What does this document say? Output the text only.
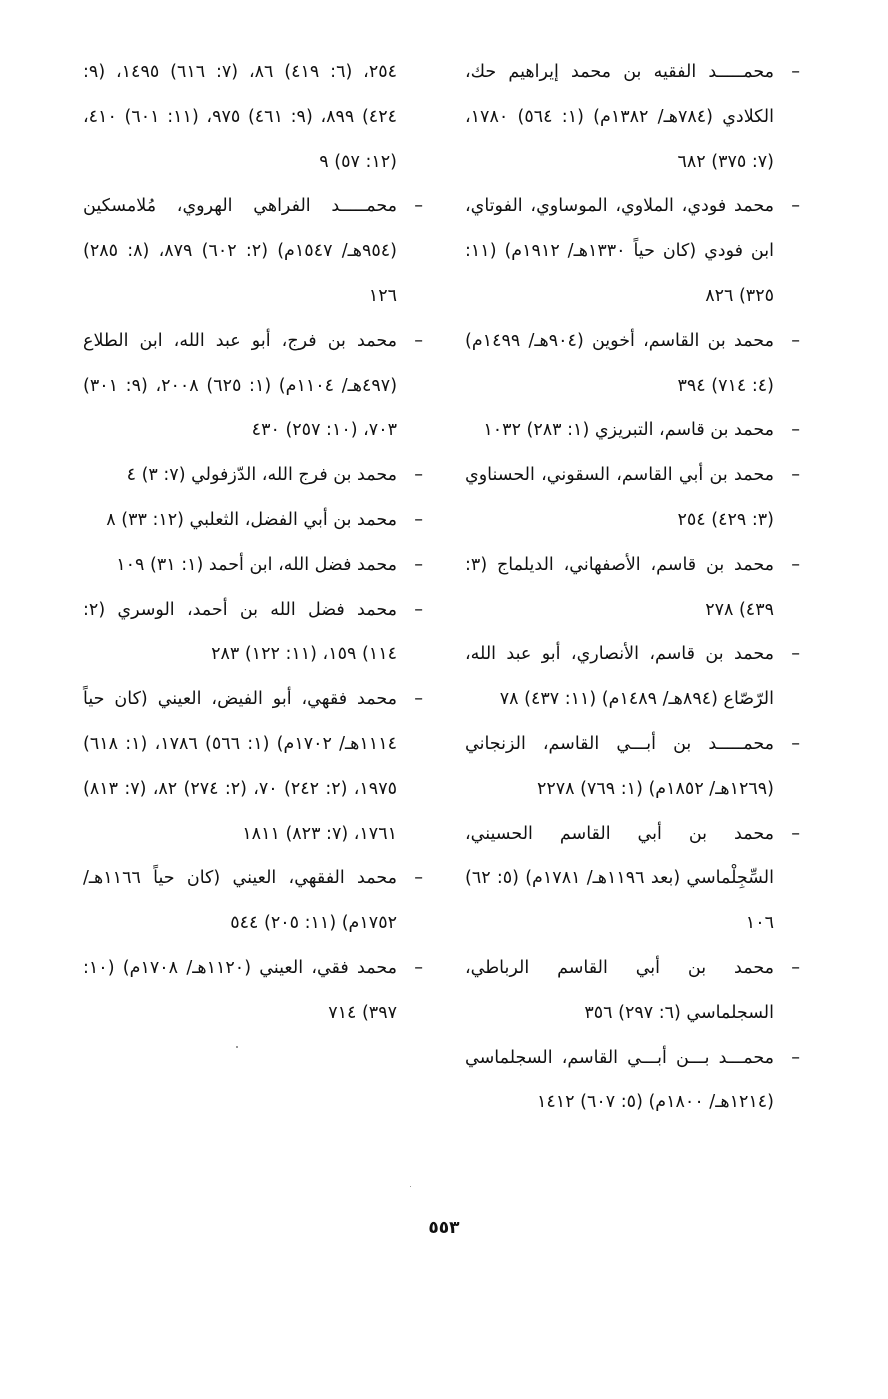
–
محمـــــد الفقيه بن محمد إيراهيم حك، الكلادي (٧٨٤هـ/ ١٣٨٢م) (١: ٥٦٤) ١٧٨٠، (٧: ٣٧٥) ٦٨٢

–
محمد فودي، الملاوي، الموساوي، الفوتاي، ابن فودي (كان حياً ١٣٣٠هـ/ ١٩١٢م) (١١: ٣٢٥) ٨٢٦

–
محمد بن القاسم، أخوين (٩٠٤هـ/ ١٤٩٩م) (٤: ٧١٤) ٣٩٤

–
محمد بن قاسم، التبريزي (١: ٢٨٣) ١٠٣٢

–
محمد بن أبي القاسم، السقوني، الحسناوي (٣: ٤٢٩) ٢٥٤

–
محمد بن قاسم، الأصفهاني، الديلماج (٣: ٤٣٩) ٢٧٨

–
محمد بن قاسم، الأنصاري، أبو عبد الله، الرّصّاع (٨٩٤هـ/ ١٤٨٩م) (١١: ٤٣٧) ٧٨

–
محمـــــد بن أبـــي القاسم، الزنجاني (١٢٦٩هـ/ ١٨٥٢م) (١: ٧٦٩) ٢٢٧٨

–
محمد بن أبي القاسم الحسيني، السِّجِلْماسي (بعد ١١٩٦هـ/ ١٧٨١م) (٥: ٦٢) ١٠٦

–
محمد بن أبي القاسم الرباطي، السجلماسي (٦: ٢٩٧) ٣٥٦

–
محمـــد بـــن أبـــي القاسم، السجلماسي (١٢١٤هـ/ ١٨٠٠م) (٥: ٦٠٧) ١٤١٢

٢٥٤، (٦: ٤١٩) ٨٦، (٧: ٦١٦) ١٤٩٥، (٩: ٤٢٤) ٨٩٩، (٩: ٤٦١) ٩٧٥، (١١: ٦٠١) ٤١٠، (١٢: ٥٧) ٩

–
محمـــــد الفراهي الهروي، مُلامسكين (٩٥٤هـ/ ١٥٤٧م) (٢: ٦٠٢) ٨٧٩، (٨: ٢٨٥) ١٢٦

–
محمد بن فرج، أبو عبد الله، ابن الطلاع (٤٩٧هـ/ ١١٠٤م) (١: ٦٢٥) ٢٠٠٨، (٩: ٣٠١) ٧٠٣، (١٠: ٢٥٧) ٤٣٠

–
محمد بن فرج الله، الدّزفولي (٧: ٣) ٤

–
محمد بن أبي الفضل، الثعلبي (١٢: ٣٣) ٨

–
محمد فضل الله، ابن أحمد (١: ٣١) ١٠٩

–
محمد فضل الله بن أحمد، الوسري (٢: ١١٤) ١٥٩، (١١: ١٢٢) ٢٨٣

–
محمد فقهي، أبو الفيض، العيني (كان حياً ١١١٤هـ/ ١٧٠٢م) (١: ٥٦٦) ١٧٨٦، (١: ٦١٨) ١٩٧٥، (٢: ٢٤٢) ٧٠، (٢: ٢٧٤) ٨٢، (٧: ٨١٣) ١٧٦١، (٧: ٨٢٣) ١٨١١

–
محمد الفقهي، العيني (كان حياً ١١٦٦هـ/ ١٧٥٢م) (١١: ٢٠٥) ٥٤٤

–
محمد فقي، العيني (١١٢٠هـ/ ١٧٠٨م) (١٠: ٣٩٧) ٧١٤

٥٥٣
